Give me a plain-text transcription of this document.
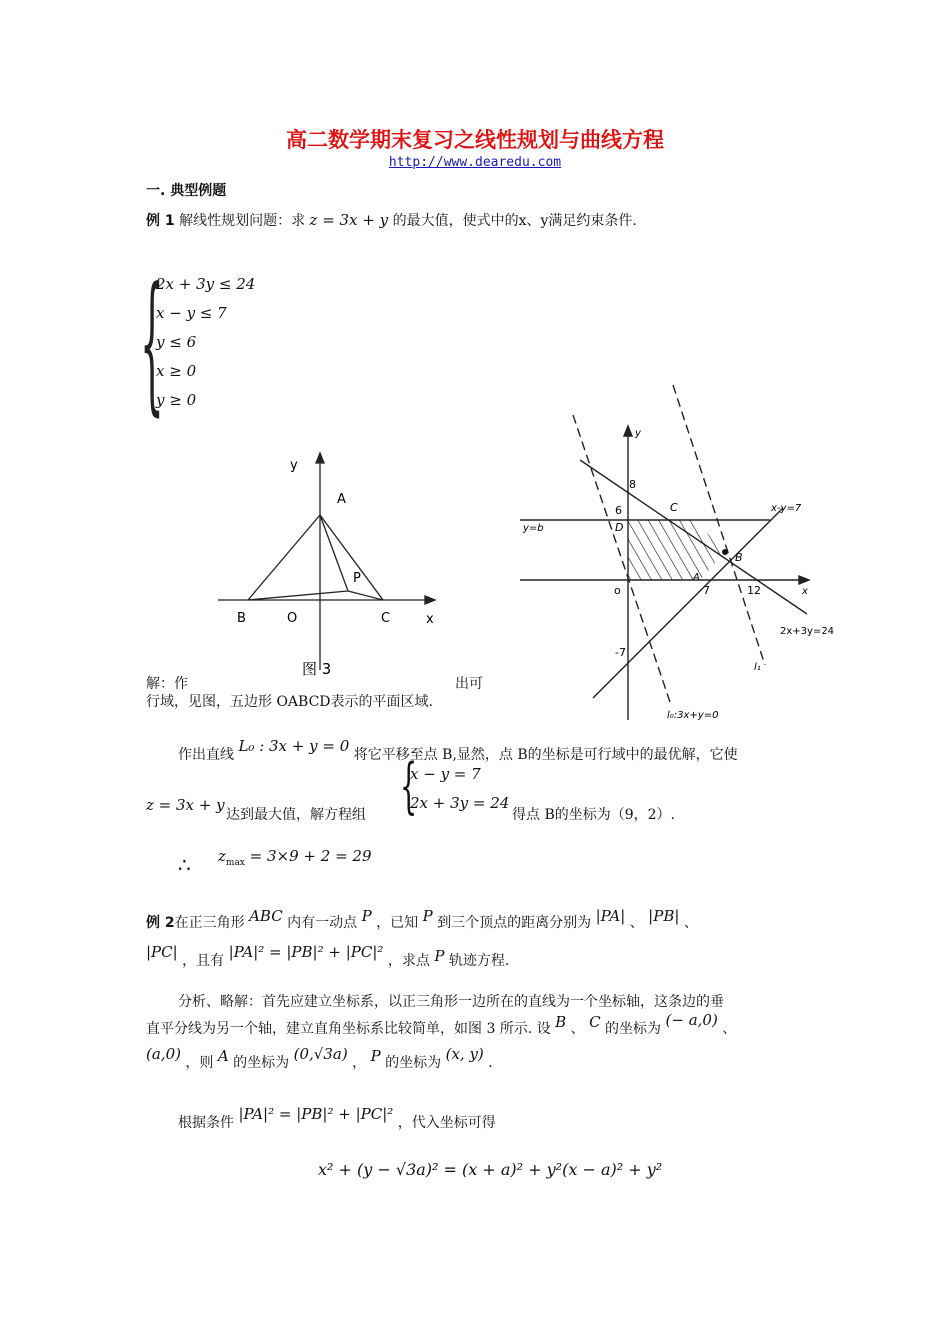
高二数学期末复习之线性规划与曲线方程
http://www.dearedu.com
一. 典型例题
例 1 解线性规划问题：求 z = 3x + y 的最大值，使式中的x、y满足约束条件.
{
2x + 3y ≤ 24
x − y ≤ 7
y ≤ 6
x ≥ 0
y ≥ 0
y
A
P
B	O	C	x
图 3
y
x
o
8
6
D
C
B
A
7	12
-7
y=b
x-y=7
2x+3y=24
l₀:3x+y=0
l₁
解：作	出可
行域，见图，五边形 OABCD表示的平面区域.
作出直线 L₀ : 3x + y = 0 将它平移至点 B,显然，点 B的坐标是可行域中的最优解，它使
z = 3x + y
达到最大值，解方程组 {
x − y = 7
2x + 3y = 24
得点 B的坐标为（9，2）.
∴ $z_{max} = 3\times 9 + 2 = 29$
例 2在正三角形 ABC 内有一动点 P ，已知 P 到三个顶点的距离分别为 |PA| 、 |PB| 、
|PC| ，且有 |PA|² = |PB|² + |PC|² ，求点 P 轨迹方程.
分析、略解：首先应建立坐标系，以正三角形一边所在的直线为一个坐标轴，这条边的垂
直平分线为另一个轴，建立直角坐标系比较简单，如图 3 所示. 设 B 、 C 的坐标为 (− a,0) 、
(a,0) ，则 A 的坐标为 (0,√3a) ， P 的坐标为 (x, y) .
根据条件 |PA|² = |PB|² + |PC|² ，代入坐标可得
x² + (y − √3a)² = (x + a)² + y²(x − a)² + y²
